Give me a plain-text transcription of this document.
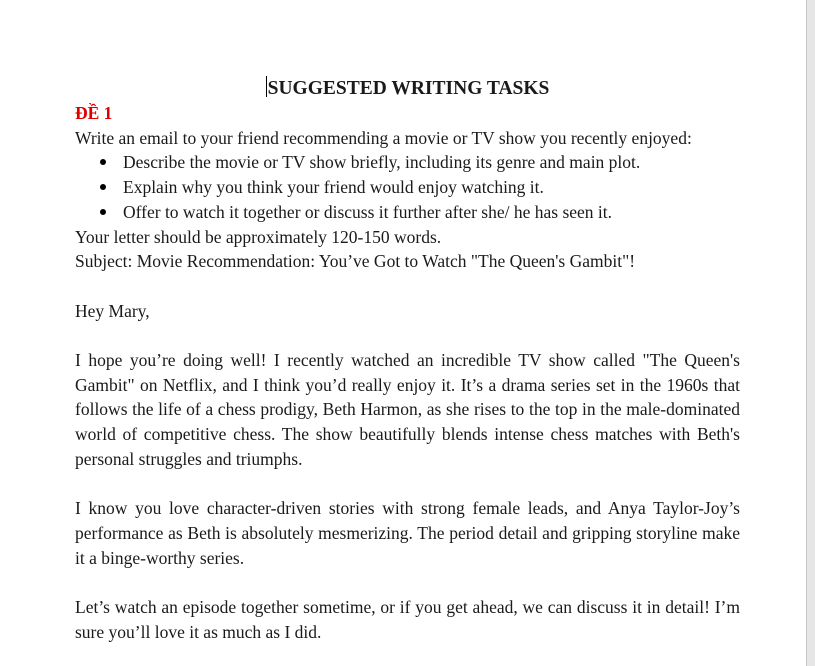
SUGGESTED WRITING TASKS

ĐỀ 1

Write an email to your friend recommending a movie or TV show you recently enjoyed:

Describe the movie or TV show briefly, including its genre and main plot.
Explain why you think your friend would enjoy watching it.
Offer to watch it together or discuss it further after she/ he has seen it.

Your letter should be approximately 120-150 words.

Subject: Movie Recommendation: You’ve Got to Watch "The Queen's Gambit"!

Hey Mary,

I hope you’re doing well! I recently watched an incredible TV show called "The Queen's Gambit" on Netflix, and I think you’d really enjoy it. It’s a drama series set in the 1960s that follows the life of a chess prodigy, Beth Harmon, as she rises to the top in the male-dominated world of competitive chess. The show beautifully blends intense chess matches with Beth's personal struggles and triumphs.

I know you love character-driven stories with strong female leads, and Anya Taylor-Joy’s performance as Beth is absolutely mesmerizing. The period detail and gripping storyline make it a binge-worthy series.

Let’s watch an episode together sometime, or if you get ahead, we can discuss it in detail! I’m sure you’ll love it as much as I did.
